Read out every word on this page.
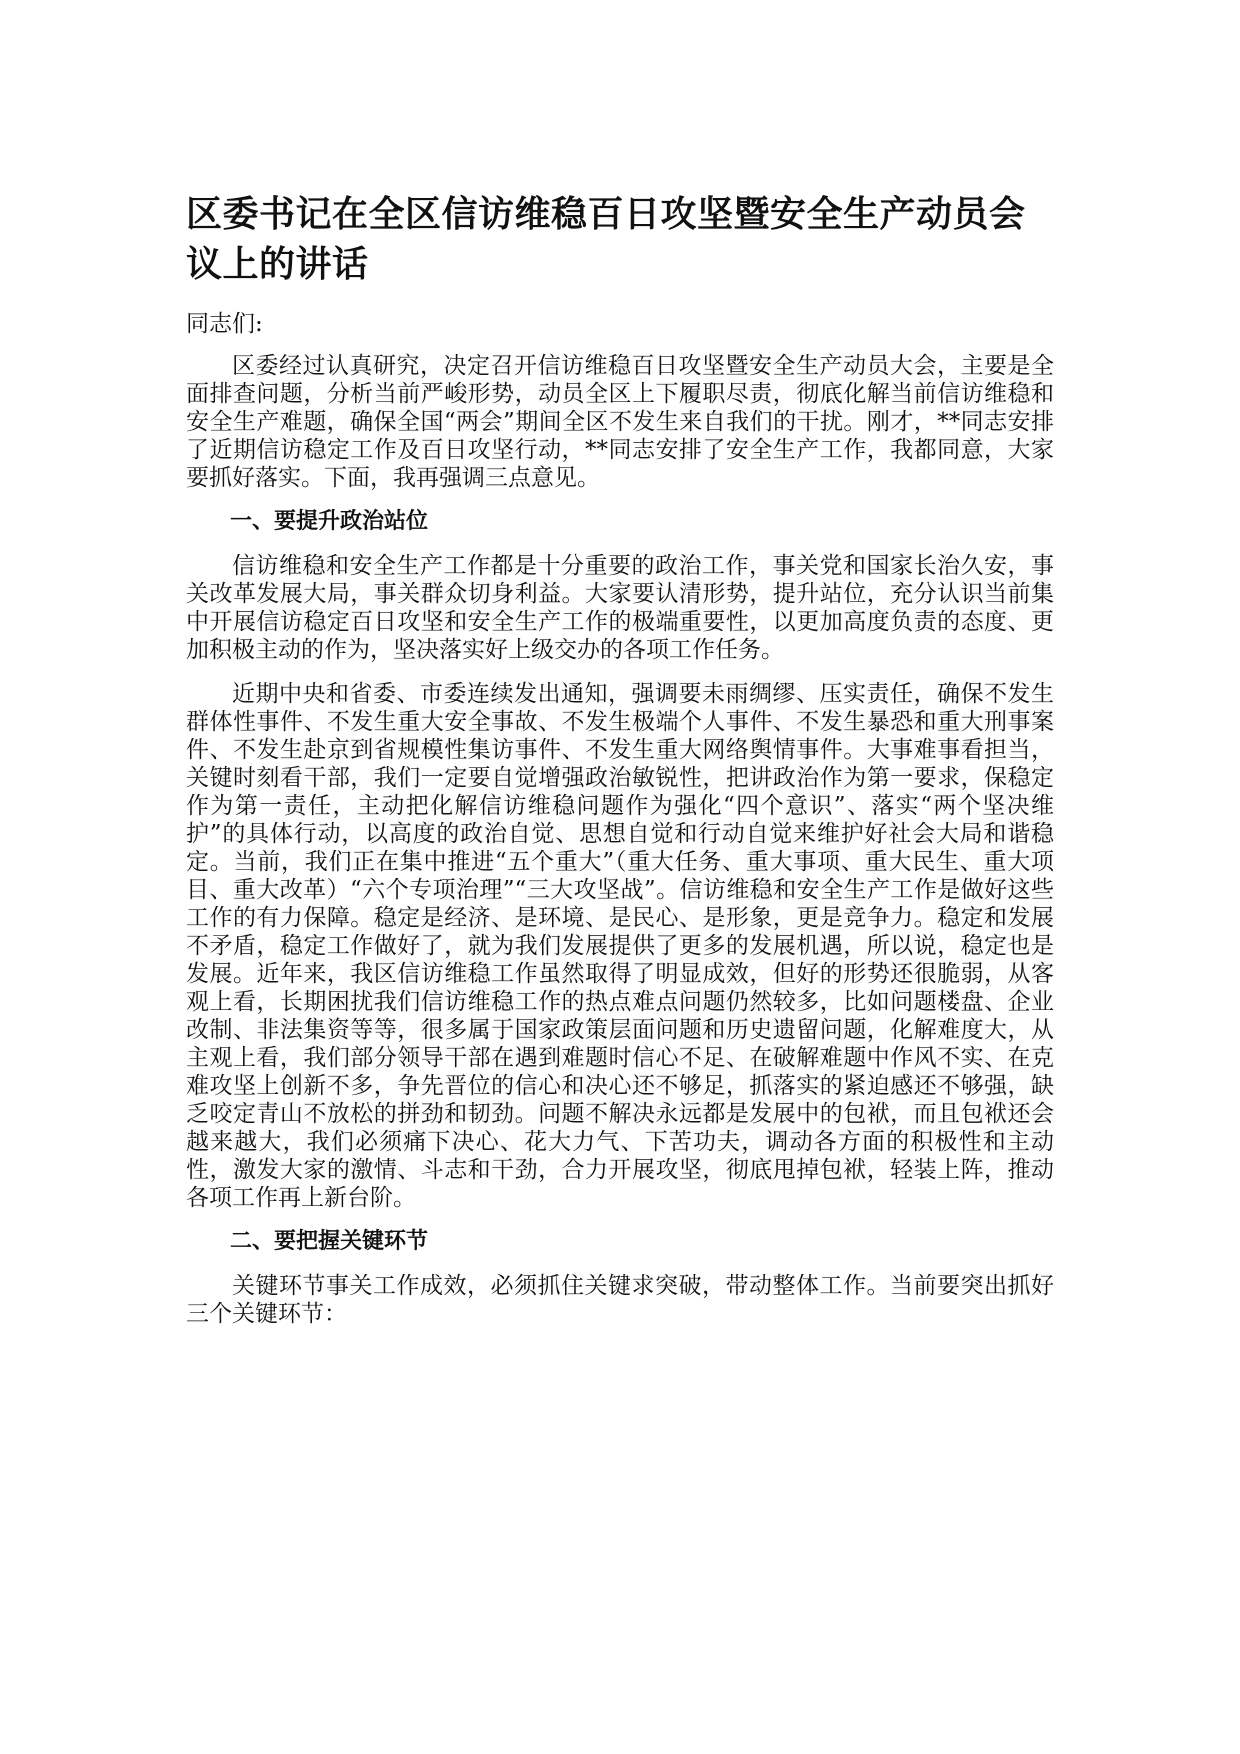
区委书记在全区信访维稳百日攻坚暨安全生产动员会议上的讲话

同志们:

区委经过认真研究，决定召开信访维稳百日攻坚暨安全生产动员大会，主要是全面排查问题，分析当前严峻形势，动员全区上下履职尽责，彻底化解当前信访维稳和安全生产难题，确保全国“两会”期间全区不发生来自我们的干扰。刚才，**同志安排了近期信访稳定工作及百日攻坚行动，**同志安排了安全生产工作，我都同意，大家要抓好落实。下面，我再强调三点意见。

一、要提升政治站位

信访维稳和安全生产工作都是十分重要的政治工作，事关党和国家长治久安，事关改革发展大局，事关群众切身利益。大家要认清形势，提升站位，充分认识当前集中开展信访稳定百日攻坚和安全生产工作的极端重要性，以更加高度负责的态度、更加积极主动的作为，坚决落实好上级交办的各项工作任务。

近期中央和省委、市委连续发出通知，强调要未雨绸缪、压实责任，确保不发生群体性事件、不发生重大安全事故、不发生极端个人事件、不发生暴恐和重大刑事案件、不发生赴京到省规模性集访事件、不发生重大网络舆情事件。大事难事看担当，关键时刻看干部，我们一定要自觉增强政治敏锐性，把讲政治作为第一要求，保稳定作为第一责任，主动把化解信访维稳问题作为强化“四个意识”、落实“两个坚决维护”的具体行动，以高度的政治自觉、思想自觉和行动自觉来维护好社会大局和谐稳定。当前，我们正在集中推进“五个重大”（重大任务、重大事项、重大民生、重大项目、重大改革）“六个专项治理”“三大攻坚战”。信访维稳和安全生产工作是做好这些工作的有力保障。稳定是经济、是环境、是民心、是形象，更是竞争力。稳定和发展不矛盾，稳定工作做好了，就为我们发展提供了更多的发展机遇，所以说，稳定也是发展。近年来，我区信访维稳工作虽然取得了明显成效，但好的形势还很脆弱，从客观上看，长期困扰我们信访维稳工作的热点难点问题仍然较多，比如问题楼盘、企业改制、非法集资等等，很多属于国家政策层面问题和历史遗留问题，化解难度大，从主观上看，我们部分领导干部在遇到难题时信心不足、在破解难题中作风不实、在克难攻坚上创新不多，争先晋位的信心和决心还不够足，抓落实的紧迫感还不够强，缺乏咬定青山不放松的拼劲和韧劲。问题不解决永远都是发展中的包袱，而且包袱还会越来越大，我们必须痛下决心、花大力气、下苦功夫，调动各方面的积极性和主动性，激发大家的激情、斗志和干劲，合力开展攻坚，彻底甩掉包袱，轻装上阵，推动各项工作再上新台阶。

二、要把握关键环节

关键环节事关工作成效，必须抓住关键求突破，带动整体工作。当前要突出抓好三个关键环节：
